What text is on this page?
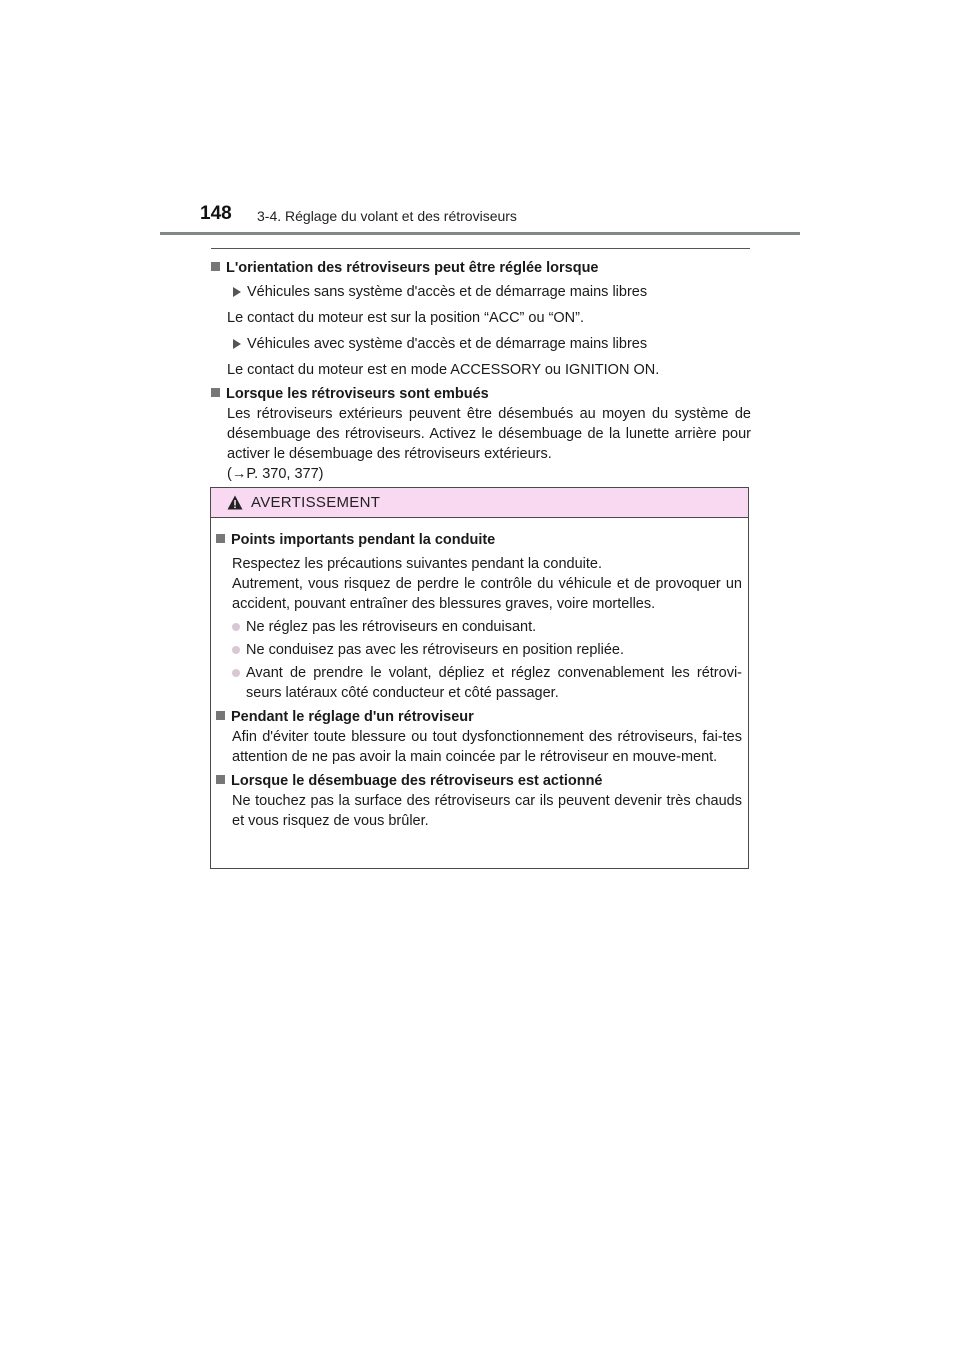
148 3-4. Réglage du volant et des rétroviseurs
L'orientation des rétroviseurs peut être réglée lorsque
Véhicules sans système d'accès et de démarrage mains libres

Le contact du moteur est sur la position “ACC” ou “ON”.

Véhicules avec système d'accès et de démarrage mains libres

Le contact du moteur est en mode ACCESSORY ou IGNITION ON.

Lorsque les rétroviseurs sont embués

Les rétroviseurs extérieurs peuvent être désembués au moyen du système de désembuage des rétroviseurs. Activez le désembuage de la lunette arrière pour activer le désembuage des rétroviseurs extérieurs.

(→P. 370, 377)

AVERTISSEMENT
Points importants pendant la conduite

Respectez les précautions suivantes pendant la conduite.

Autrement, vous risquez de perdre le contrôle du véhicule et de provoquer un accident, pouvant entraîner des blessures graves, voire mortelles.

Ne réglez pas les rétroviseurs en conduisant.
Ne conduisez pas avec les rétroviseurs en position repliée.
Avant de prendre le volant, dépliez et réglez convenablement les rétrovi-seurs latéraux côté conducteur et côté passager.
Pendant le réglage d'un rétroviseur

Afin d'éviter toute blessure ou tout dysfonctionnement des rétroviseurs, fai-tes attention de ne pas avoir la main coincée par le rétroviseur en mouve-ment.

Lorsque le désembuage des rétroviseurs est actionné

Ne touchez pas la surface des rétroviseurs car ils peuvent devenir très chauds et vous risquez de vous brûler.
